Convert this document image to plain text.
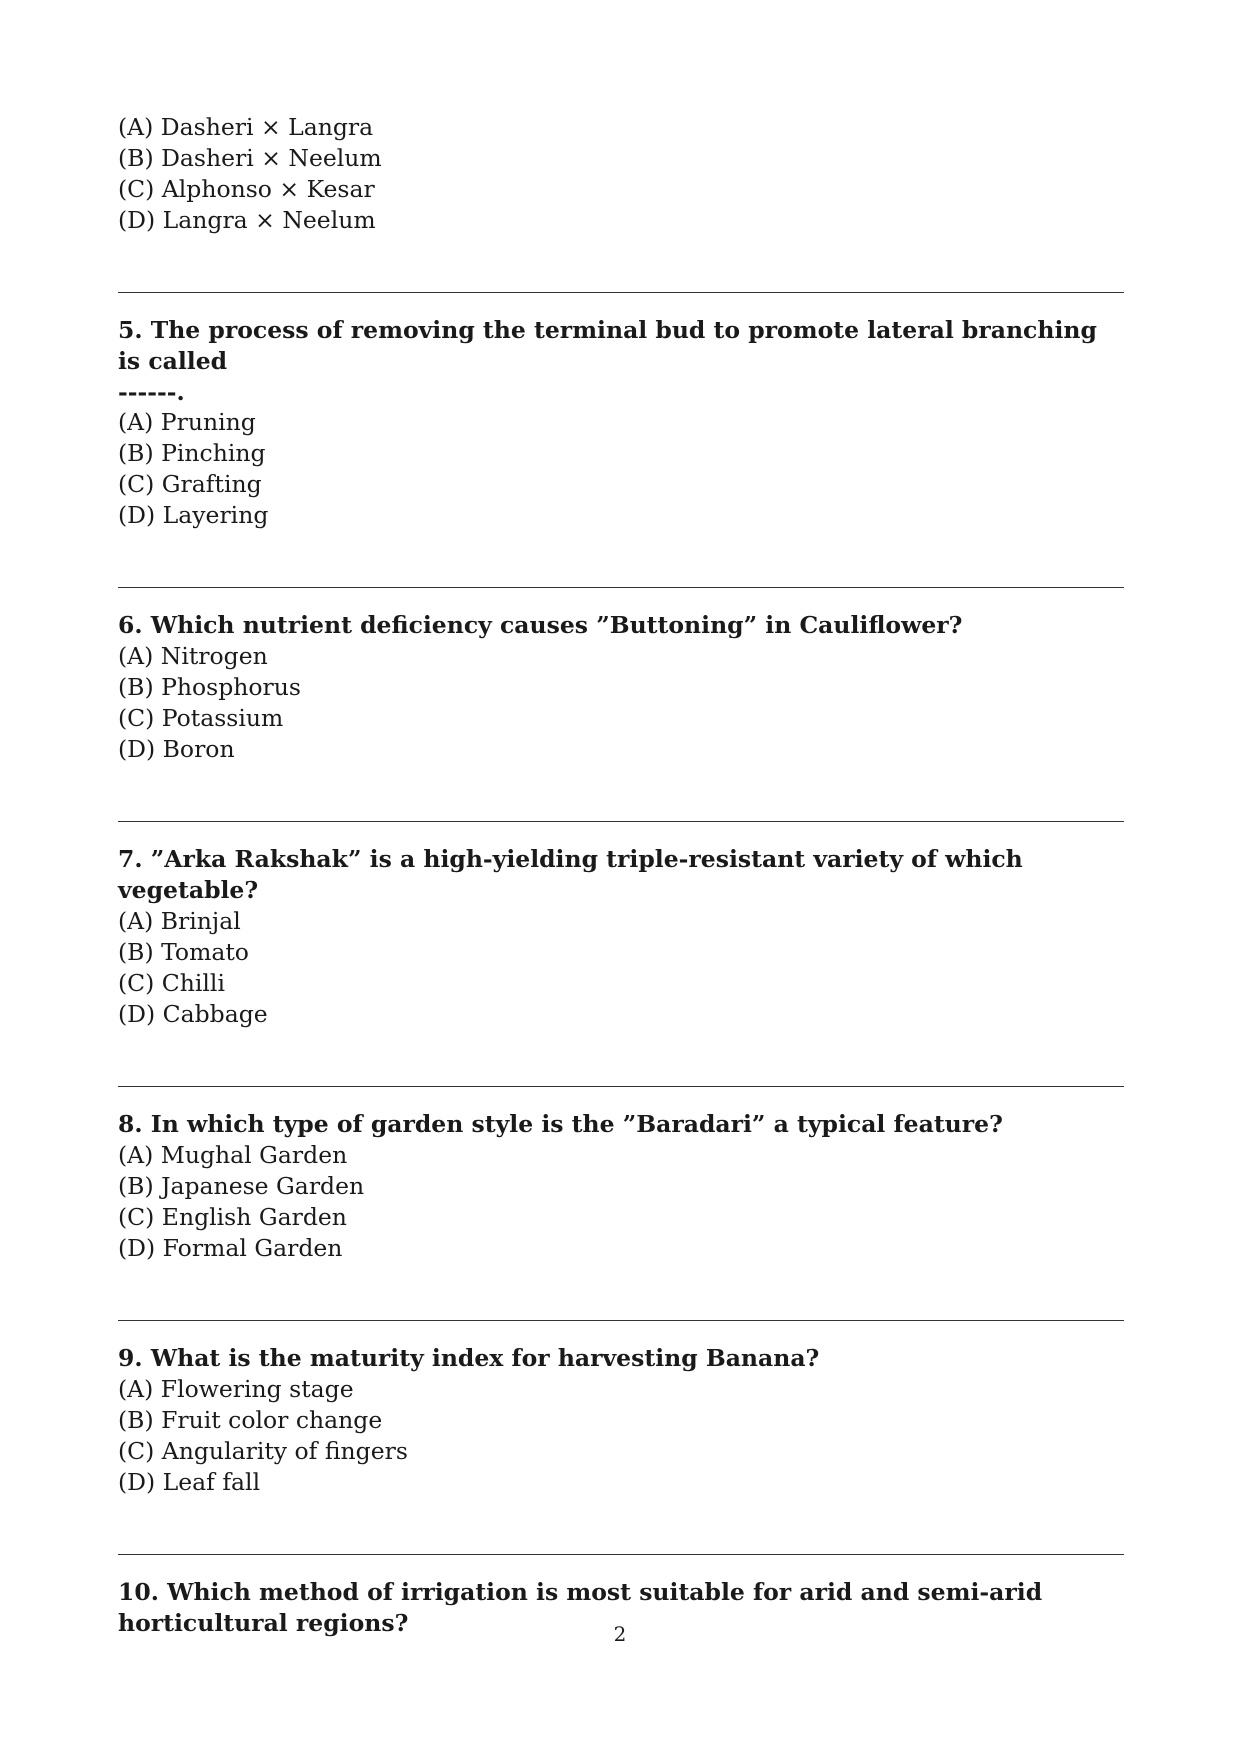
(A) Dasheri × Langra
(B) Dasheri × Neelum
(C) Alphonso × Kesar
(D) Langra × Neelum

5. The process of removing the terminal bud to promote lateral branching is called

------.
(A) Pruning
(B) Pinching
(C) Grafting
(D) Layering

6. Which nutrient deficiency causes ”Buttoning” in Cauliflower?

(A) Nitrogen
(B) Phosphorus
(C) Potassium
(D) Boron

7. ”Arka Rakshak” is a high-yielding triple-resistant variety of which vegetable?

(A) Brinjal
(B) Tomato
(C) Chilli
(D) Cabbage

8. In which type of garden style is the ”Baradari” a typical feature?

(A) Mughal Garden
(B) Japanese Garden
(C) English Garden
(D) Formal Garden

9. What is the maturity index for harvesting Banana?

(A) Flowering stage
(B) Fruit color change
(C) Angularity of fingers
(D) Leaf fall

10. Which method of irrigation is most suitable for arid and semi-arid horticultural regions?	2
